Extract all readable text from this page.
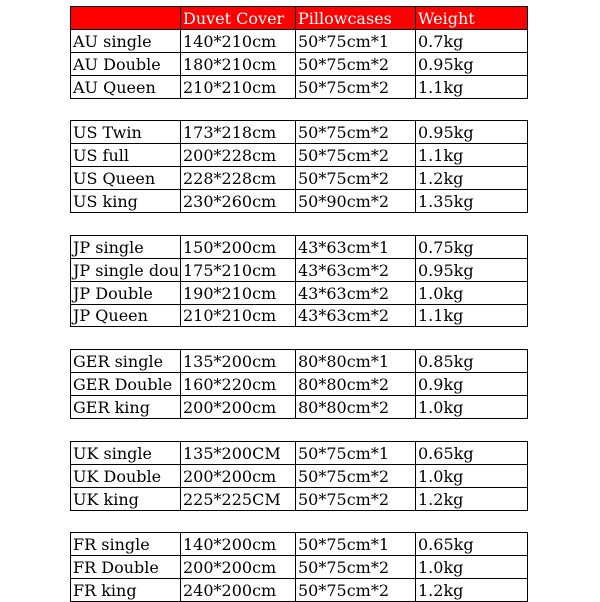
	Duvet Cover	Pillowcases	Weight
AU single	140*210cm	50*75cm*1	0.7kg
AU Double	180*210cm	50*75cm*2	0.95kg
AU Queen	210*210cm	50*75cm*2	1.1kg

US Twin	173*218cm	50*75cm*2	0.95kg
US full	200*228cm	50*75cm*2	1.1kg
US Queen	228*228cm	50*75cm*2	1.2kg
US king	230*260cm	50*90cm*2	1.35kg

JP single	150*200cm	43*63cm*1	0.75kg
JP single dou	175*210cm	43*63cm*2	0.95kg
JP Double	190*210cm	43*63cm*2	1.0kg
JP Queen	210*210cm	43*63cm*2	1.1kg

GER single	135*200cm	80*80cm*1	0.85kg
GER Double	160*220cm	80*80cm*2	0.9kg
GER king	200*200cm	80*80cm*2	1.0kg

UK single	135*200CM	50*75cm*1	0.65kg
UK Double	200*200cm	50*75cm*2	1.0kg
UK king	225*225CM	50*75cm*2	1.2kg

FR single	140*200cm	50*75cm*1	0.65kg
FR Double	200*200cm	50*75cm*2	1.0kg
FR king	240*200cm	50*75cm*2	1.2kg
